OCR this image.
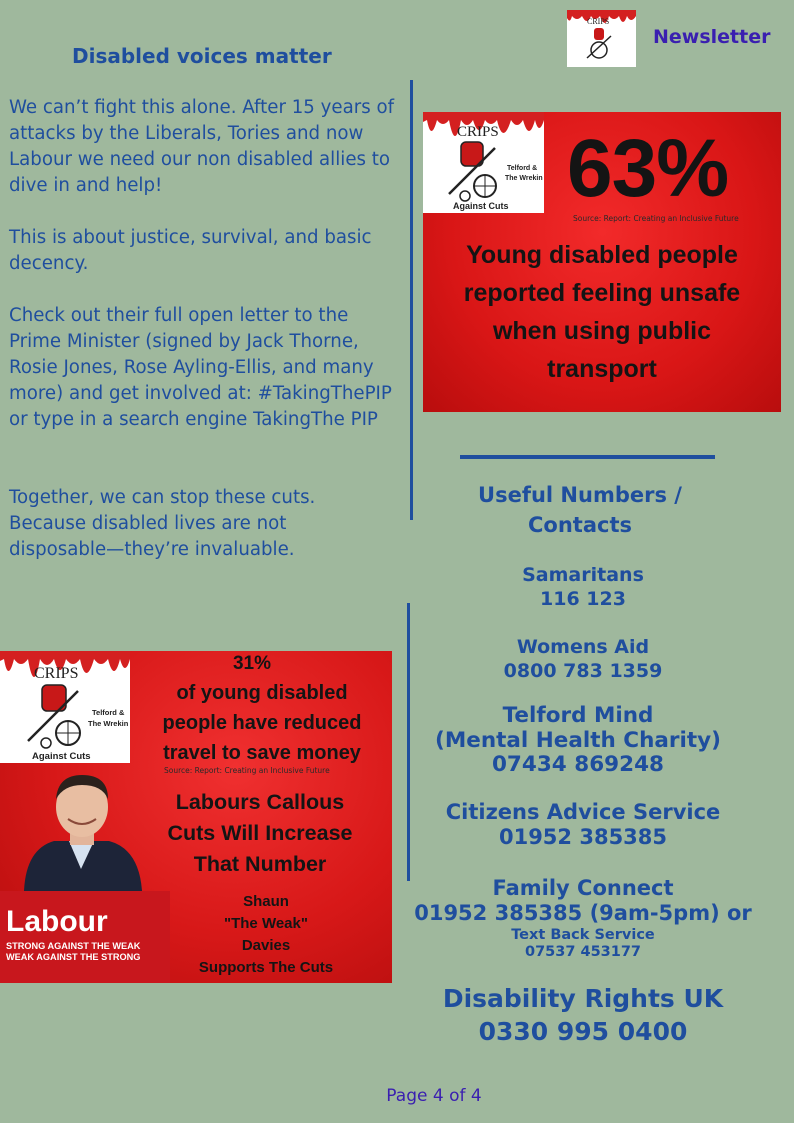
CRIPS
Newsletter
Disabled voices matter

We can’t fight this alone. After 15 years of attacks by the Liberals, Tories and now Labour we need our non disabled allies to dive in and help!

This is about justice, survival, and basic decency.

Check out their full open letter to the Prime Minister (signed by Jack Thorne, Rosie Jones, Rose Ayling-Ellis, and many more) and get involved at: #TakingThePIP or type in a search engine TakingThe PIP

Together, we can stop these cuts. Because disabled lives are not disposable—they’re invaluable.

CRIPS
Telford &
The Wrekin
Against Cuts 63%
Source: Report: Creating an Inclusive Future
Young disabled people
reported feeling unsafe
when using public
transport
CRIPS
Telford &
The Wrekin
Against Cuts
31%
of young disabled
people have reduced
travel to save money
Source: Report: Creating an Inclusive Future
Labours Callous
Cuts Will Increase
That Number
Shaun
"The Weak"
Davies
Supports The Cuts
Labour
STRONG AGAINST THE WEAK
WEAK AGAINST THE STRONG
Useful Numbers /
Contacts
Samaritans
116 123
Womens Aid
0800 783 1359
Telford Mind
(Mental Health Charity)
07434 869248
Citizens Advice Service
01952 385385
Family Connect
01952 385385 (9am-5pm) or
Text Back Service
07537 453177
Disability Rights UK
0330 995 0400
Page 4 of 4
